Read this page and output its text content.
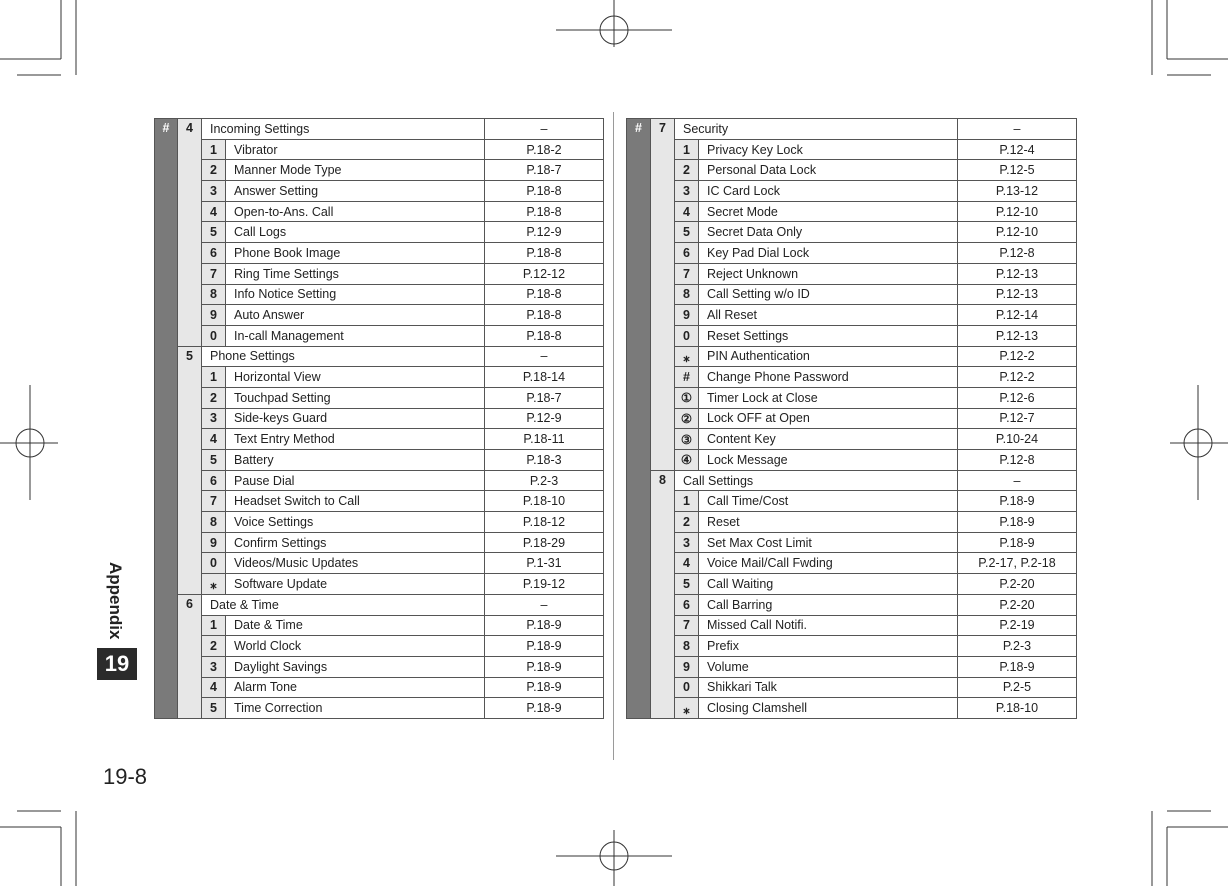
Appendix
19
19-8
#	4	Incoming Settings		–
		1	Vibrator	P.18-2
		2	Manner Mode Type	P.18-7
		3	Answer Setting	P.18-8
		4	Open-to-Ans. Call	P.18-8
		5	Call Logs	P.12-9
		6	Phone Book Image	P.18-8
		7	Ring Time Settings	P.12-12
		8	Info Notice Setting	P.18-8
		9	Auto Answer	P.18-8
		0	In-call Management	P.18-8
	5	Phone Settings		–
		1	Horizontal View	P.18-14
		2	Touchpad Setting	P.18-7
		3	Side-keys Guard	P.12-9
		4	Text Entry Method	P.18-11
		5	Battery	P.18-3
		6	Pause Dial	P.2-3
		7	Headset Switch to Call	P.18-10
		8	Voice Settings	P.18-12
		9	Confirm Settings	P.18-29
		0	Videos/Music Updates	P.1-31
		⁎	Software Update	P.19-12
	6	Date & Time		–
		1	Date & Time	P.18-9
		2	World Clock	P.18-9
		3	Daylight Savings	P.18-9
		4	Alarm Tone	P.18-9
		5	Time Correction	P.18-9
#	7	Security		–
		1	Privacy Key Lock	P.12-4
		2	Personal Data Lock	P.12-5
		3	IC Card Lock	P.13-12
		4	Secret Mode	P.12-10
		5	Secret Data Only	P.12-10
		6	Key Pad Dial Lock	P.12-8
		7	Reject Unknown	P.12-13
		8	Call Setting w/o ID	P.12-13
		9	All Reset	P.12-14
		0	Reset Settings	P.12-13
		⁎	PIN Authentication	P.12-2
		#	Change Phone Password	P.12-2
		①	Timer Lock at Close	P.12-6
		②	Lock OFF at Open	P.12-7
		③	Content Key	P.10-24
		④	Lock Message	P.12-8
	8	Call Settings		–
		1	Call Time/Cost	P.18-9
		2	Reset	P.18-9
		3	Set Max Cost Limit	P.18-9
		4	Voice Mail/Call Fwding	P.2-17, P.2-18
		5	Call Waiting	P.2-20
		6	Call Barring	P.2-20
		7	Missed Call Notifi.	P.2-19
		8	Prefix	P.2-3
		9	Volume	P.18-9
		0	Shikkari Talk	P.2-5
		⁎	Closing Clamshell	P.18-10
